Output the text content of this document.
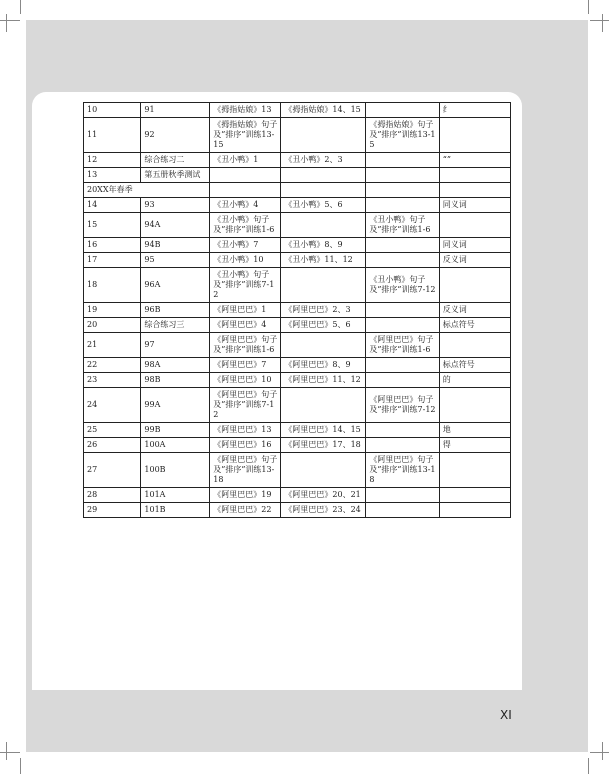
10	91	《拇指姑娘》13	《拇指姑娘》14、15		纟
11	92	《拇指姑娘》句子及”排序”训练13-15		《拇指姑娘》句子及”排序”训练13-15	
12	综合练习二	《丑小鸭》1	《丑小鸭》2、3		“”
13	第五册秋季测试				
20XX年春季					
14	93	《丑小鸭》4	《丑小鸭》5、6		同义词
15	94A	《丑小鸭》句子及”排序”训练1-6		《丑小鸭》句子及”排序”训练1-6	
16	94B	《丑小鸭》7	《丑小鸭》8、9		同义词
17	95	《丑小鸭》10	《丑小鸭》11、12		反义词
18	96A	《丑小鸭》句子及”排序”训练7-12		《丑小鸭》句子及”排序”训练7-12	
19	96B	《阿里巴巴》1	《阿里巴巴》2、3		反义词
20	综合练习三	《阿里巴巴》4	《阿里巴巴》5、6		标点符号
21	97	《阿里巴巴》句子及”排序”训练1-6		《阿里巴巴》句子及”排序”训练1-6	
22	98A	《阿里巴巴》7	《阿里巴巴》8、9		标点符号
23	98B	《阿里巴巴》10	《阿里巴巴》11、12		的
24	99A	《阿里巴巴》句子及”排序”训练7-12		《阿里巴巴》句子及”排序”训练7-12	
25	99B	《阿里巴巴》13	《阿里巴巴》14、15		地
26	100A	《阿里巴巴》16	《阿里巴巴》17、18		得
27	100B	《阿里巴巴》句子及”排序”训练13-18		《阿里巴巴》句子及”排序”训练13-18	
28	101A	《阿里巴巴》19	《阿里巴巴》20、21		
29	101B	《阿里巴巴》22	《阿里巴巴》23、24		
XI
